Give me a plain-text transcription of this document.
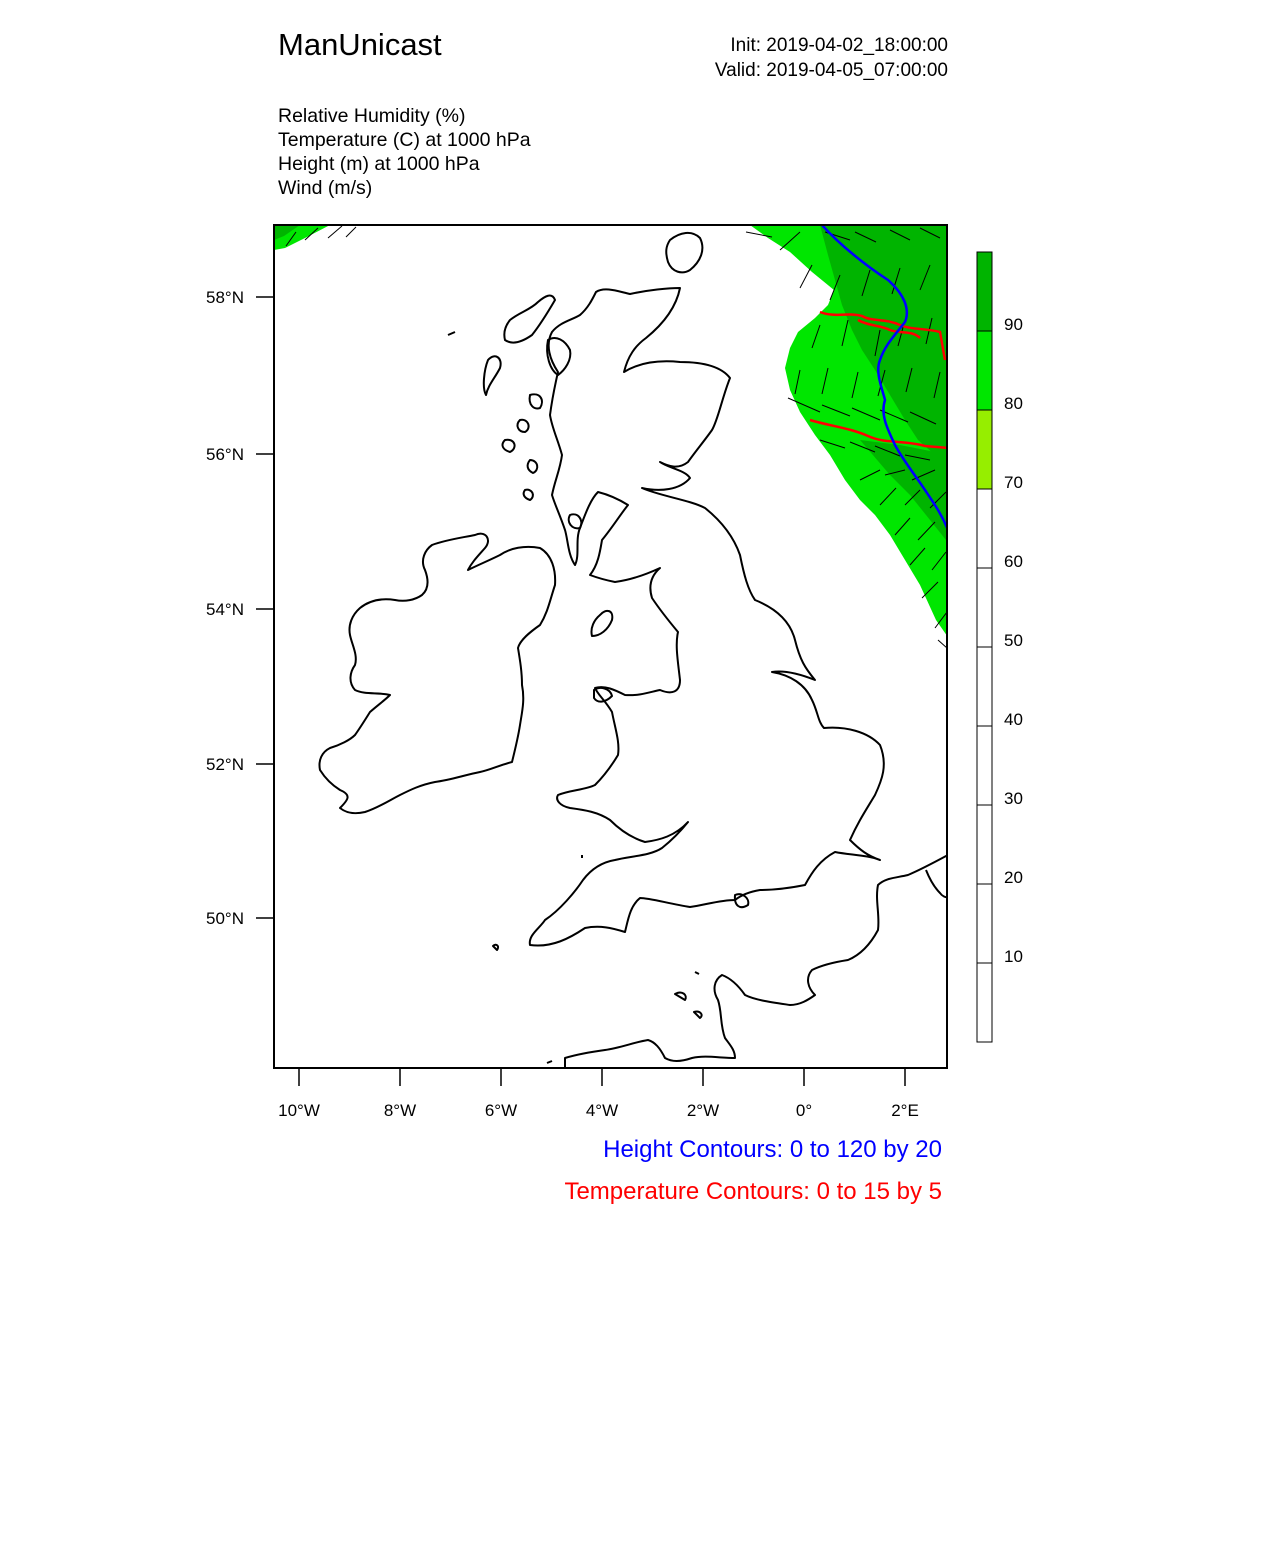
ManUnicast	Init: 2019-04-02_18:00:00
Valid: 2019-04-05_07:00:00
Relative Humidity (%)
Temperature (C) at 1000 hPa
Height (m) at 1000 hPa
Wind (m/s)
58°N
56°N
54°N
52°N
50°N
10°W	8°W	6°W	4°W	2°W	0°	2°E
90
80
70
60
50
40
30
20
10
Height Contours: 0 to 120 by 20
Temperature Contours: 0 to 15 by 5
